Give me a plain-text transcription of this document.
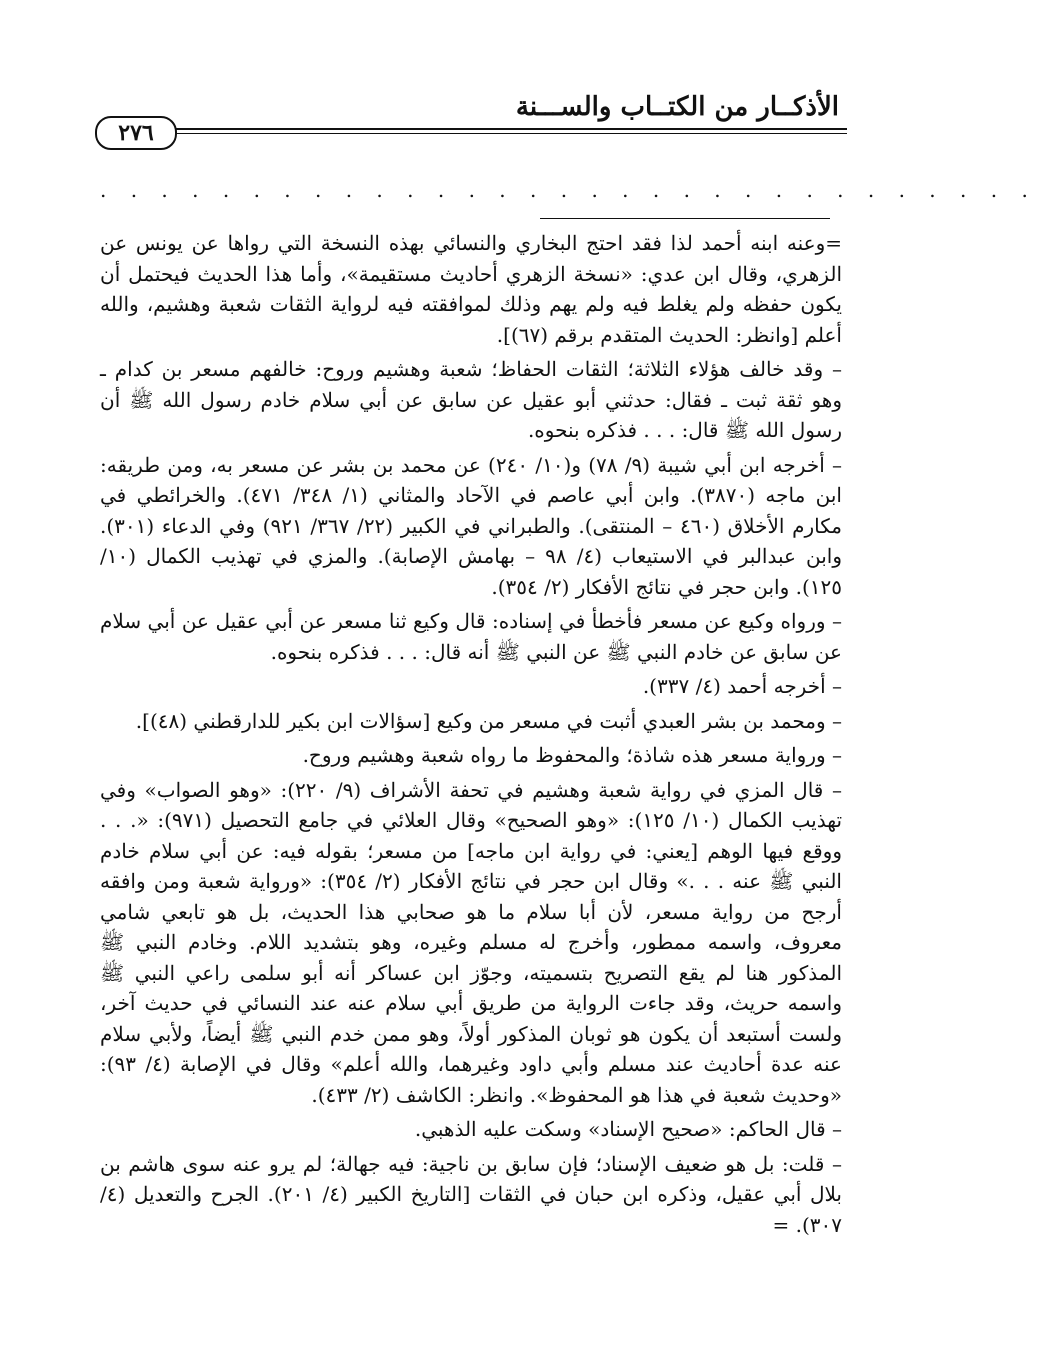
الأذكــار من الكتــاب والســـنة
٢٧٦
. . . . . . . . . . . . . . . . . . . . . . . . . . . . . . .

=وعنه ابنه أحمد لذا فقد احتج البخاري والنسائي بهذه النسخة التي رواها عن يونس عن الزهري، وقال ابن عدي: «نسخة الزهري أحاديث مستقيمة»، وأما هذا الحديث فيحتمل أن يكون حفظه ولم يغلط فيه ولم يهم وذلك لموافقته فيه لرواية الثقات شعبة وهشيم، والله أعلم [وانظر: الحديث المتقدم برقم (٦٧)].

– وقد خالف هؤلاء الثلاثة؛ الثقات الحفاظ؛ شعبة وهشيم وروح: خالفهم مسعر بن كدام ـ وهو ثقة ثبت ـ فقال: حدثني أبو عقيل عن سابق عن أبي سلام خادم رسول الله ﷺ أن رسول الله ﷺ قال: . . . فذكره بنحوه.

– أخرجه ابن أبي شيبة (٩/ ٧٨) و(١٠/ ٢٤٠) عن محمد بن بشر عن مسعر به، ومن طريقه: ابن ماجه (٣٨٧٠). وابن أبي عاصم في الآحاد والمثاني (١/ ٣٤٨/ ٤٧١). والخرائطي في مكارم الأخلاق (٤٦٠ – المنتقى). والطبراني في الكبير (٢٢/ ٣٦٧/ ٩٢١) وفي الدعاء (٣٠١). وابن عبدالبر في الاستيعاب (٤/ ٩٨ – بهامش الإصابة). والمزي في تهذيب الكمال (١٠/ ١٢٥). وابن حجر في نتائج الأفكار (٢/ ٣٥٤).

– ورواه وكيع عن مسعر فأخطأ في إسناده: قال وكيع ثنا مسعر عن أبي عقيل عن أبي سلام عن سابق عن خادم النبي ﷺ عن النبي ﷺ أنه قال: . . . فذكره بنحوه.

– أخرجه أحمد (٤/ ٣٣٧).

– ومحمد بن بشر العبدي أثبت في مسعر من وكيع [سؤالات ابن بكير للدارقطني (٤٨)].

– ورواية مسعر هذه شاذة؛ والمحفوظ ما رواه شعبة وهشيم وروح.

– قال المزي في رواية شعبة وهشيم في تحفة الأشراف (٩/ ٢٢٠): «وهو الصواب» وفي تهذيب الكمال (١٠/ ١٢٥): «وهو الصحيح» وقال العلائي في جامع التحصيل (٩٧١): «. . . ووقع فيها الوهم [يعني: في رواية ابن ماجه] من مسعر؛ بقوله فيه: عن أبي سلام خادم النبي ﷺ عنه . . .» وقال ابن حجر في نتائج الأفكار (٢/ ٣٥٤): «ورواية شعبة ومن وافقه أرجح من رواية مسعر، لأن أبا سلام ما هو صحابي هذا الحديث، بل هو تابعي شامي معروف، واسمه ممطور، وأخرج له مسلم وغيره، وهو بتشديد اللام. وخادم النبي ﷺ المذكور هنا لم يقع التصريح بتسميته، وجوّز ابن عساكر أنه أبو سلمى راعي النبي ﷺ واسمه حريث، وقد جاءت الرواية من طريق أبي سلام عنه عند النسائي في حديث آخر، ولست أستبعد أن يكون هو ثوبان المذكور أولاً، وهو ممن خدم النبي ﷺ أيضاً، ولأبي سلام عنه عدة أحاديث عند مسلم وأبي داود وغيرهما، والله أعلم» وقال في الإصابة (٤/ ٩٣): «وحديث شعبة في هذا هو المحفوظ». وانظر: الكاشف (٢/ ٤٣٣).

– قال الحاكم: «صحيح الإسناد» وسكت عليه الذهبي.

– قلت: بل هو ضعيف الإسناد؛ فإن سابق بن ناجية: فيه جهالة؛ لم يرو عنه سوى هاشم بن بلال أبي عقيل، وذكره ابن حبان في الثقات [التاريخ الكبير (٤/ ٢٠١). الجرح والتعديل (٤/ ٣٠٧). =
